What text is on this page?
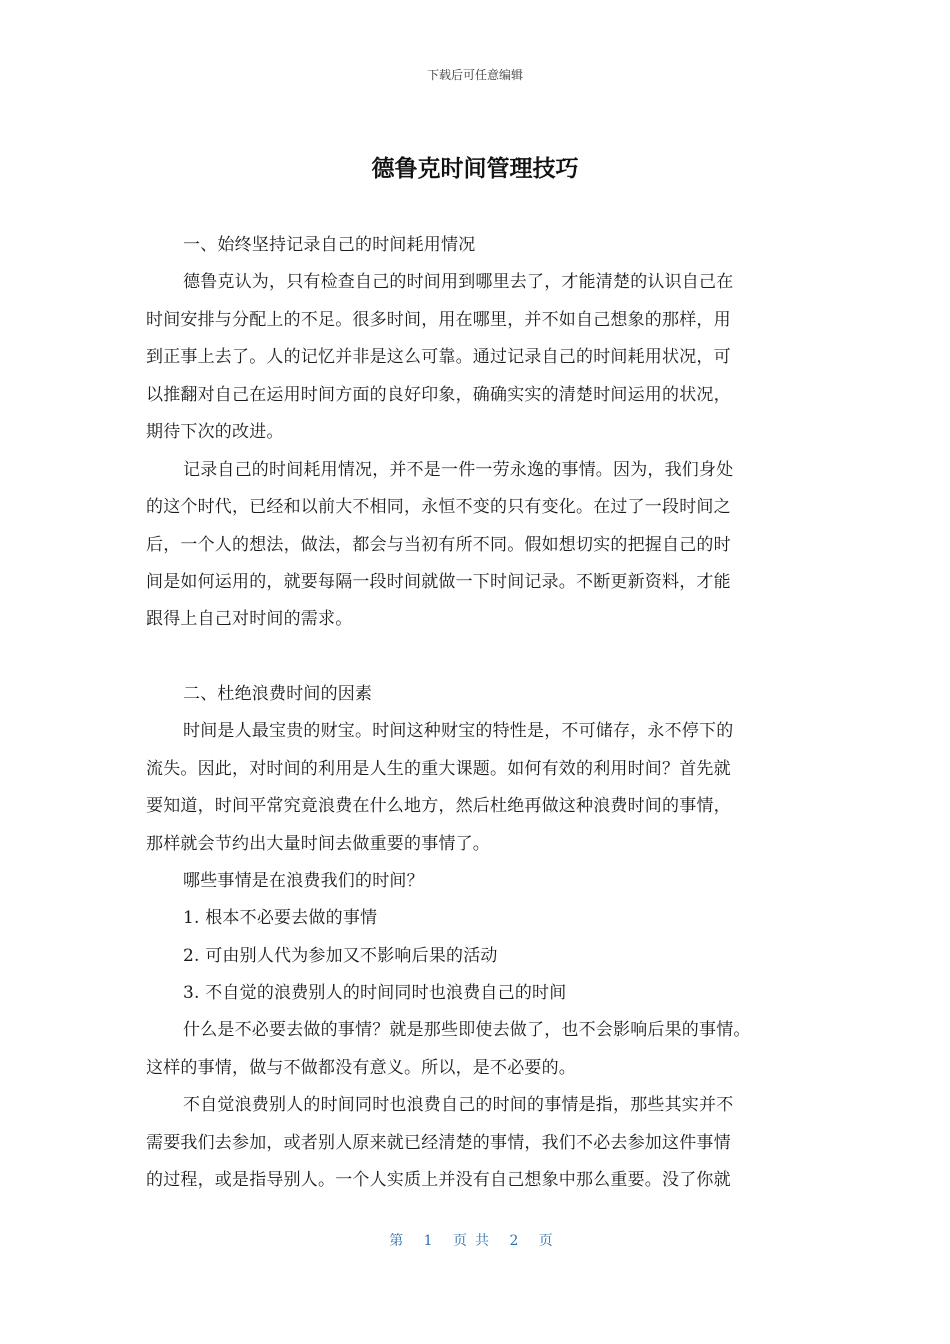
下载后可任意编辑
德鲁克时间管理技巧
一、始终坚持记录自己的时间耗用情况
德鲁克认为，只有检查自己的时间用到哪里去了，才能清楚的认识自己在
时间安排与分配上的不足。很多时间，用在哪里，并不如自己想象的那样，用
到正事上去了。人的记忆并非是这么可靠。通过记录自己的时间耗用状况，可
以推翻对自己在运用时间方面的良好印象，确确实实的清楚时间运用的状况，
期待下次的改进。
记录自己的时间耗用情况，并不是一件一劳永逸的事情。因为，我们身处
的这个时代，已经和以前大不相同，永恒不变的只有变化。在过了一段时间之
后，一个人的想法，做法，都会与当初有所不同。假如想切实的把握自己的时
间是如何运用的，就要每隔一段时间就做一下时间记录。不断更新资料，才能
跟得上自己对时间的需求。
二、杜绝浪费时间的因素
时间是人最宝贵的财宝。时间这种财宝的特性是，不可储存，永不停下的
流失。因此，对时间的利用是人生的重大课题。如何有效的利用时间？首先就
要知道，时间平常究竟浪费在什么地方，然后杜绝再做这种浪费时间的事情，
那样就会节约出大量时间去做重要的事情了。
哪些事情是在浪费我们的时间？
1. 根本不必要去做的事情
2. 可由别人代为参加又不影响后果的活动
3. 不自觉的浪费别人的时间同时也浪费自己的时间
什么是不必要去做的事情？就是那些即使去做了，也不会影响后果的事情。
这样的事情，做与不做都没有意义。所以，是不必要的。
不自觉浪费别人的时间同时也浪费自己的时间的事情是指，那些其实并不
需要我们去参加，或者别人原来就已经清楚的事情，我们不必去参加这件事情
的过程，或是指导别人。一个人实质上并没有自己想象中那么重要。没了你就
第 1 页共 2 页
